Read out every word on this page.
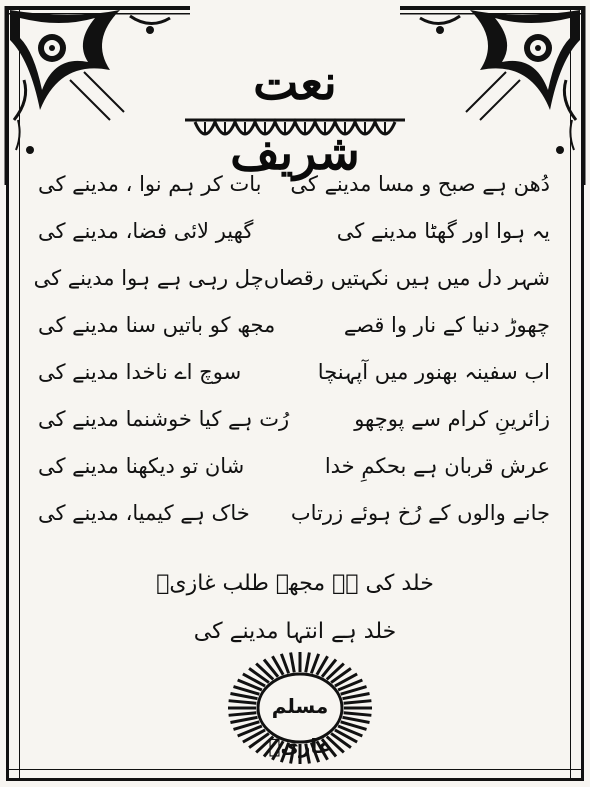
نعت شریف
دُھن ہے صبح و مسا مدینے کی
بات کر ہم نوا ، مدینے کی
یہ ہوا اور گھٹا مدینے کی
گھیر لائی فضا، مدینے کی
شہر دل میں ہیں نکہتیں رقصاں
چل رہی ہے ہوا مدینے کی
چھوڑ دنیا کے نار وا قصے
مجھ کو باتیں سنا مدینے کی
اب سفینہ بھنور میں آپہنچا
سوچ اے ناخدا مدینے کی
زائرینِ کرام سے پوچھو
رُت ہے کیا خوشنما مدینے کی
عرش قربان ہے بحکمِ خدا
شان تو دیکھنا مدینے کی
جانے والوں کے رُخ ہوئے زرتاب
خاک ہے کیمیا، مدینے کی
خلد کی ہے مجھے طلب غازیؔ
خلد ہے انتہا مدینے کی
مسلم غازیؔ
